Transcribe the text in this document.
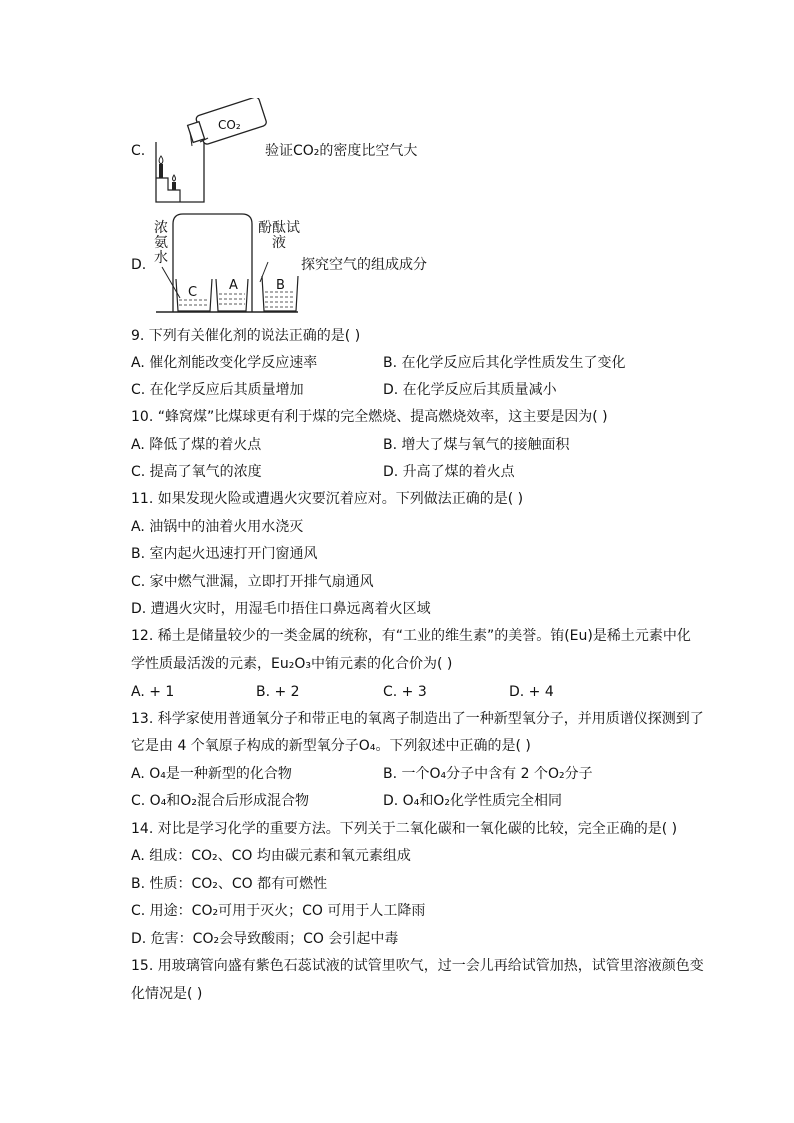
C.
CO₂
验证CO₂的密度比空气大
D.
浓氨水
酚酞试液
C A	B
探究空气的组成成分
9. 下列有关催化剂的说法正确的是( )
A. 催化剂能改变化学反应速率	B. 在化学反应后其化学性质发生了变化
C. 在化学反应后其质量增加	D. 在化学反应后其质量减小
10. “蜂窝煤”比煤球更有利于煤的完全燃烧、提高燃烧效率，这主要是因为( )
A. 降低了煤的着火点	B. 增大了煤与氧气的接触面积
C. 提高了氧气的浓度	D. 升高了煤的着火点
11. 如果发现火险或遭遇火灾要沉着应对。下列做法正确的是( )
A. 油锅中的油着火用水浇灭
B. 室内起火迅速打开门窗通风
C. 家中燃气泄漏，立即打开排气扇通风
D. 遭遇火灾时，用湿毛巾捂住口鼻远离着火区域
12. 稀土是储量较少的一类金属的统称，有“工业的维生素”的美誉。铕(Eu)是稀土元素中化
学性质最活泼的元素，Eu₂O₃中铕元素的化合价为( )
A. + 1	B. + 2	C. + 3	D. + 4
13. 科学家使用普通氧分子和带正电的氧离子制造出了一种新型氧分子，并用质谱仪探测到了
它是由 4 个氧原子构成的新型氧分子O₄。下列叙述中正确的是( )
A. O₄是一种新型的化合物	B. 一个O₄分子中含有 2 个O₂分子
C. O₄和O₂混合后形成混合物	D. O₄和O₂化学性质完全相同
14. 对比是学习化学的重要方法。下列关于二氧化碳和一氧化碳的比较，完全正确的是( )
A. 组成：CO₂、CO 均由碳元素和氧元素组成
B. 性质：CO₂、CO 都有可燃性
C. 用途：CO₂可用于灭火；CO 可用于人工降雨
D. 危害：CO₂会导致酸雨；CO 会引起中毒
15. 用玻璃管向盛有紫色石蕊试液的试管里吹气，过一会儿再给试管加热，试管里溶液颜色变
化情况是( )
